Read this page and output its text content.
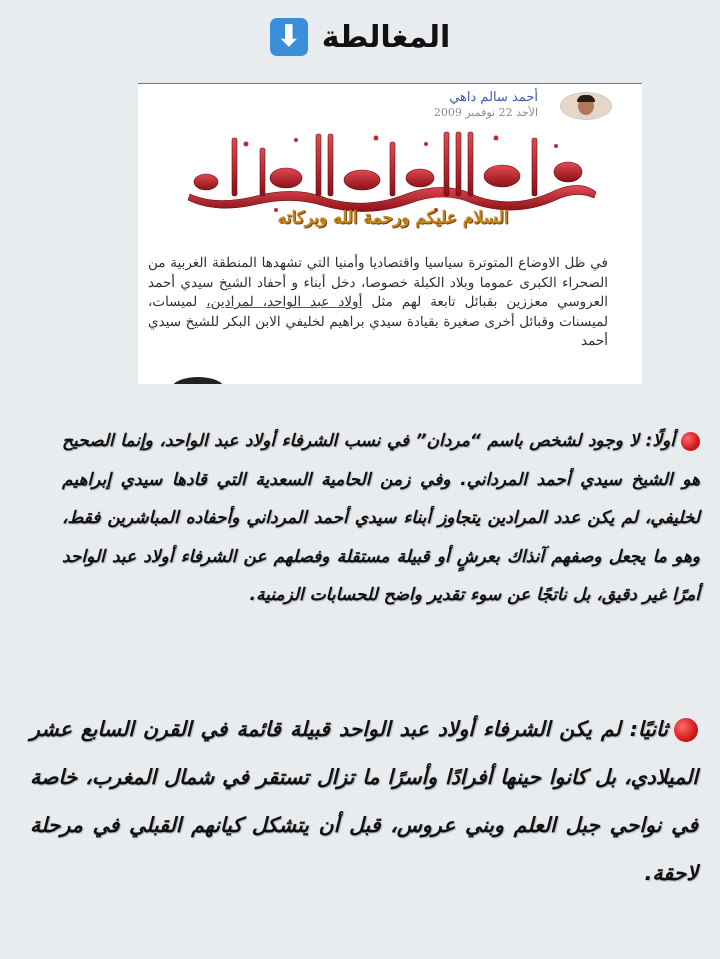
المغالطة
⬇
أحمد سالم داهي
الأحد 22 نوفمبر 2009
السلام عليكم ورحمة الله وبركاته
في ظل الاوضاع المتوترة سياسيا واقتصاديا وأمنيا التي تشهدها المنطقة الغربية من الصحراء الكبرى عموما وبلاد الكبلة خصوصا، دخل أبناء و أحفاد الشيخ سيدي أحمد العروسي معززين بقبائل تابعة لهم مثل أولاد عبد الواحد، لمرادين، لميسات، لميسنات وقبائل أخرى صغيرة بقيادة سيدي براهيم لخليفي الابن البكر للشيخ سيدي أحمد
أولًا: لا وجود لشخص باسم “مردان” في نسب الشرفاء أولاد عبد الواحد، وإنما الصحيح هو الشيخ سيدي أحمد المرداني. وفي زمن الحامية السعدية التي قادها سيدي إبراهيم لخليفي، لم يكن عدد المرادين يتجاوز أبناء سيدي أحمد المرداني وأحفاده المباشرين فقط، وهو ما يجعل وصفهم آنذاك بعرشٍ أو قبيلة مستقلة وفصلهم عن الشرفاء أولاد عبد الواحد أمرًا غير دقيق، بل ناتجًا عن سوء تقدير واضح للحسابات الزمنية.
ثانيًا: لم يكن الشرفاء أولاد عبد الواحد قبيلة قائمة في القرن السابع عشر الميلادي، بل كانوا حينها أفرادًا وأسرًا ما تزال تستقر في شمال المغرب، خاصة في نواحي جبل العلم وبني عروس، قبل أن يتشكل كيانهم القبلي في مرحلة لاحقة.
